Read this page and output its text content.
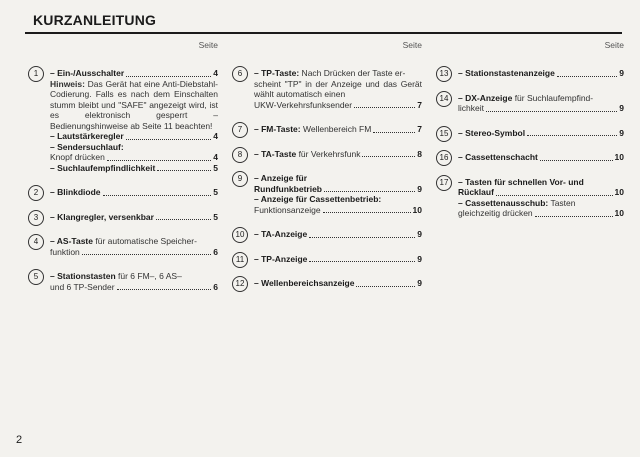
KURZANLEITUNG
Seite
1	– Ein-/Ausschalter	4
Hinweis: Das Gerät hat eine Anti-Diebstahl-Codierung. Falls es nach dem Einschalten stumm bleibt und "SAFE" angezeigt wird, ist es elektronisch gesperrt – Bedienungshinweise ab Seite 11 beachten!
– Lautstärkeregler	4
– Sendersuchlauf:
Knopf drücken	4
– Suchlaufempfindlichkeit	5
2	– Blinkdiode	5
3	– Klangregler, versenkbar	5
4	– AS-Taste für automatische Speicher-
funktion	6
5	– Stationstasten für 6 FM–, 6 AS–
und 6 TP-Sender	6
Seite
6	– TP-Taste: Nach Drücken der Taste er-
scheint "TP" in der Anzeige und das Gerät wählt automatisch einen
UKW-Verkehrsfunksender	7
7	– FM-Taste: Wellenbereich FM	7
8	– TA-Taste für Verkehrsfunk	8
9	– Anzeige für
Rundfunkbetrieb	9
– Anzeige für Cassettenbetrieb:
Funktionsanzeige	10
10	– TA-Anzeige	9
11	– TP-Anzeige	9
12	– Wellenbereichsanzeige	9
Seite
13	– Stationstastenanzeige	9
14	– DX-Anzeige für Suchlaufempfind-
lichkeit	9
15	– Stereo-Symbol	9
16	– Cassettenschacht	10
17	– Tasten für schnellen Vor- und
Rücklauf	10
– Cassettenausschub: Tasten
gleichzeitig drücken	10
2
